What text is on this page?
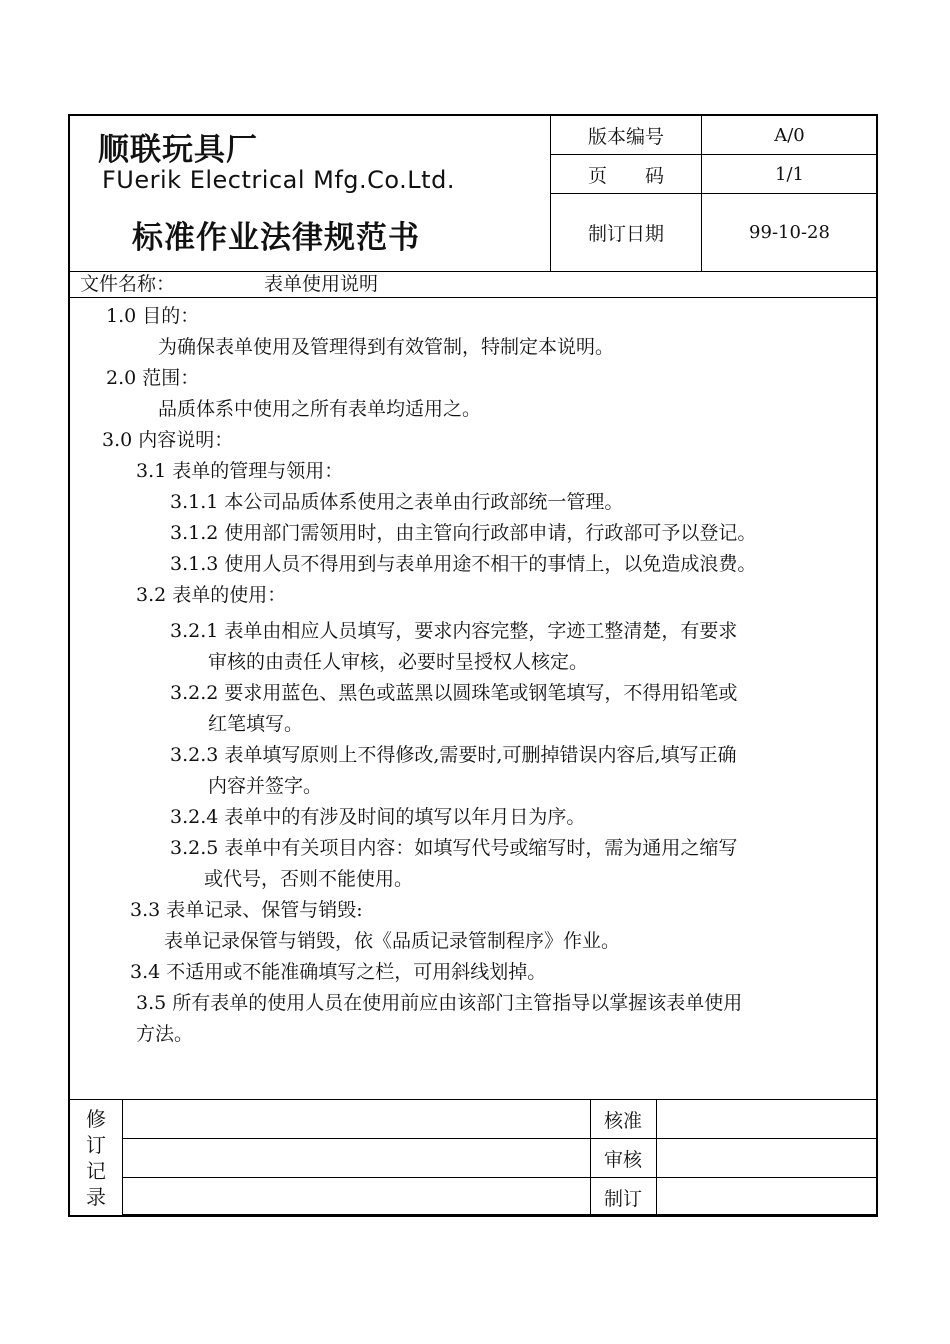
顺联玩具厂
FUerik Electrical Mfg.Co.Ltd.
标准作业法律规范书
版本编号	A/0
页　　码	1/1
制订日期	99-10-28
文件名称：	表单使用说明
1.0 目的：
为确保表单使用及管理得到有效管制，特制定本说明。
2.0 范围：
品质体系中使用之所有表单均适用之。
3.0 内容说明：
3.1 表单的管理与领用：
3.1.1 本公司品质体系使用之表单由行政部统一管理。
3.1.2 使用部门需领用时，由主管向行政部申请，行政部可予以登记。
3.1.3 使用人员不得用到与表单用途不相干的事情上，以免造成浪费。
3.2 表单的使用：
3.2.1 表单由相应人员填写，要求内容完整，字迹工整清楚，有要求
审核的由责任人审核，必要时呈授权人核定。
3.2.2 要求用蓝色、黑色或蓝黑以圆珠笔或钢笔填写，不得用铅笔或
红笔填写。
3.2.3 表单填写原则上不得修改,需要时,可删掉错误内容后,填写正确
内容并签字。
3.2.4 表单中的有涉及时间的填写以年月日为序。
3.2.5 表单中有关项目内容：如填写代号或缩写时，需为通用之缩写
或代号，否则不能使用。
3.3 表单记录、保管与销毁:
表单记录保管与销毁，依《品质记录管制程序》作业。
3.4 不适用或不能准确填写之栏，可用斜线划掉。
3.5 所有表单的使用人员在使用前应由该部门主管指导以掌握该表单使用
方法。
修
订
记
录
核准
审核
制订
